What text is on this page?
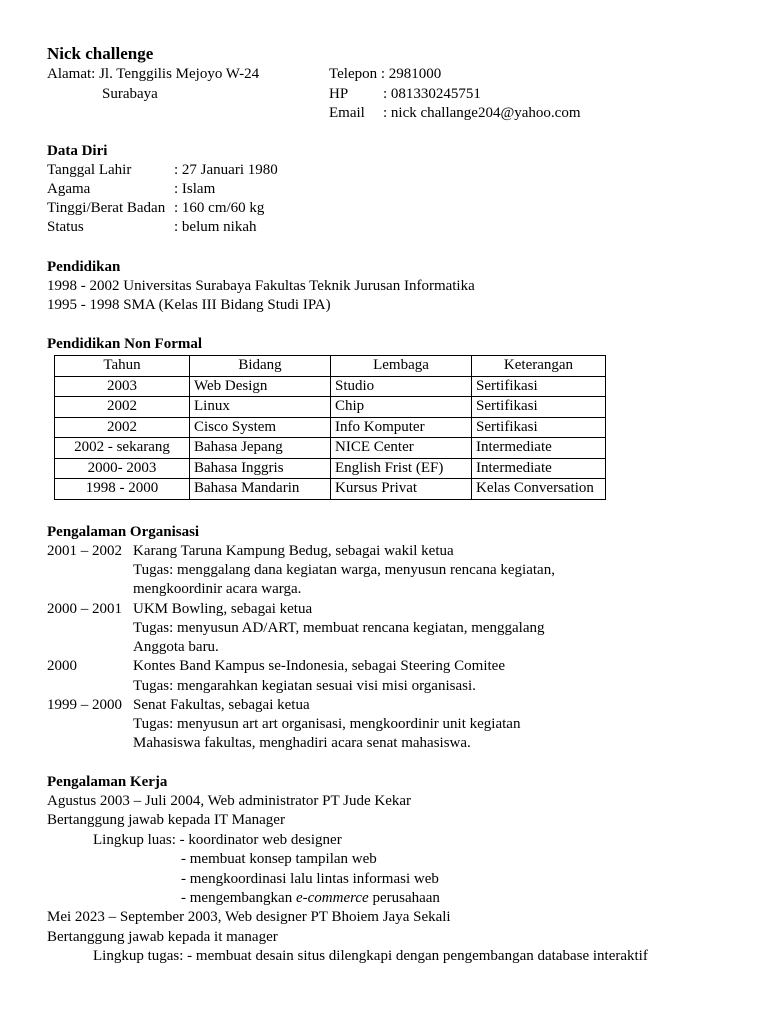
Nick challenge
Alamat: Jl. Tenggilis Mejoyo W-24
Surabaya
Telepon : 2981000
HP : 081330245751
Email : nick challange204@yahoo.com
Data Diri
Tanggal Lahir	: 27 Januari 1980
Agama	: Islam
Tinggi/Berat Badan : 160 cm/60 kg
Status	: belum nikah
Pendidikan
1998 - 2002 Universitas Surabaya Fakultas Teknik Jurusan Informatika
1995 - 1998 SMA (Kelas III Bidang Studi IPA)
Pendidikan Non Formal
Tahun	Bidang	Lembaga	Keterangan
2003	Web Design	Studio	Sertifikasi
2002	Linux	Chip	Sertifikasi
2002	Cisco System	Info Komputer	Sertifikasi
2002 - sekarang	Bahasa Jepang	NICE Center	Intermediate
2000- 2003	Bahasa Inggris	English Frist (EF)	Intermediate
1998 - 2000	Bahasa Mandarin	Kursus Privat	Kelas Conversation
Pengalaman Organisasi
2001 – 2002 Karang Taruna Kampung Bedug, sebagai wakil ketua
Tugas: menggalang dana kegiatan warga, menyusun rencana kegiatan,
mengkoordinir acara warga.
2000 – 2001 UKM Bowling, sebagai ketua
Tugas: menyusun AD/ART, membuat rencana kegiatan, menggalang
Anggota baru.
2000	Kontes Band Kampus se-Indonesia, sebagai Steering Comitee
Tugas: mengarahkan kegiatan sesuai visi misi organisasi.
1999 – 2000 Senat Fakultas, sebagai ketua
Tugas: menyusun art art organisasi, mengkoordinir unit kegiatan
Mahasiswa fakultas, menghadiri acara senat mahasiswa.
Pengalaman Kerja
Agustus 2003 – Juli 2004, Web administrator PT Jude Kekar
Bertanggung jawab kepada IT Manager
Lingkup luas: - koordinator web designer
- membuat konsep tampilan web
- mengkoordinasi lalu lintas informasi web
- mengembangkan e-commerce perusahaan
Mei 2023 – September 2003, Web designer PT Bhoiem Jaya Sekali
Bertanggung jawab kepada it manager
Lingkup tugas: - membuat desain situs dilengkapi dengan pengembangan database interaktif
